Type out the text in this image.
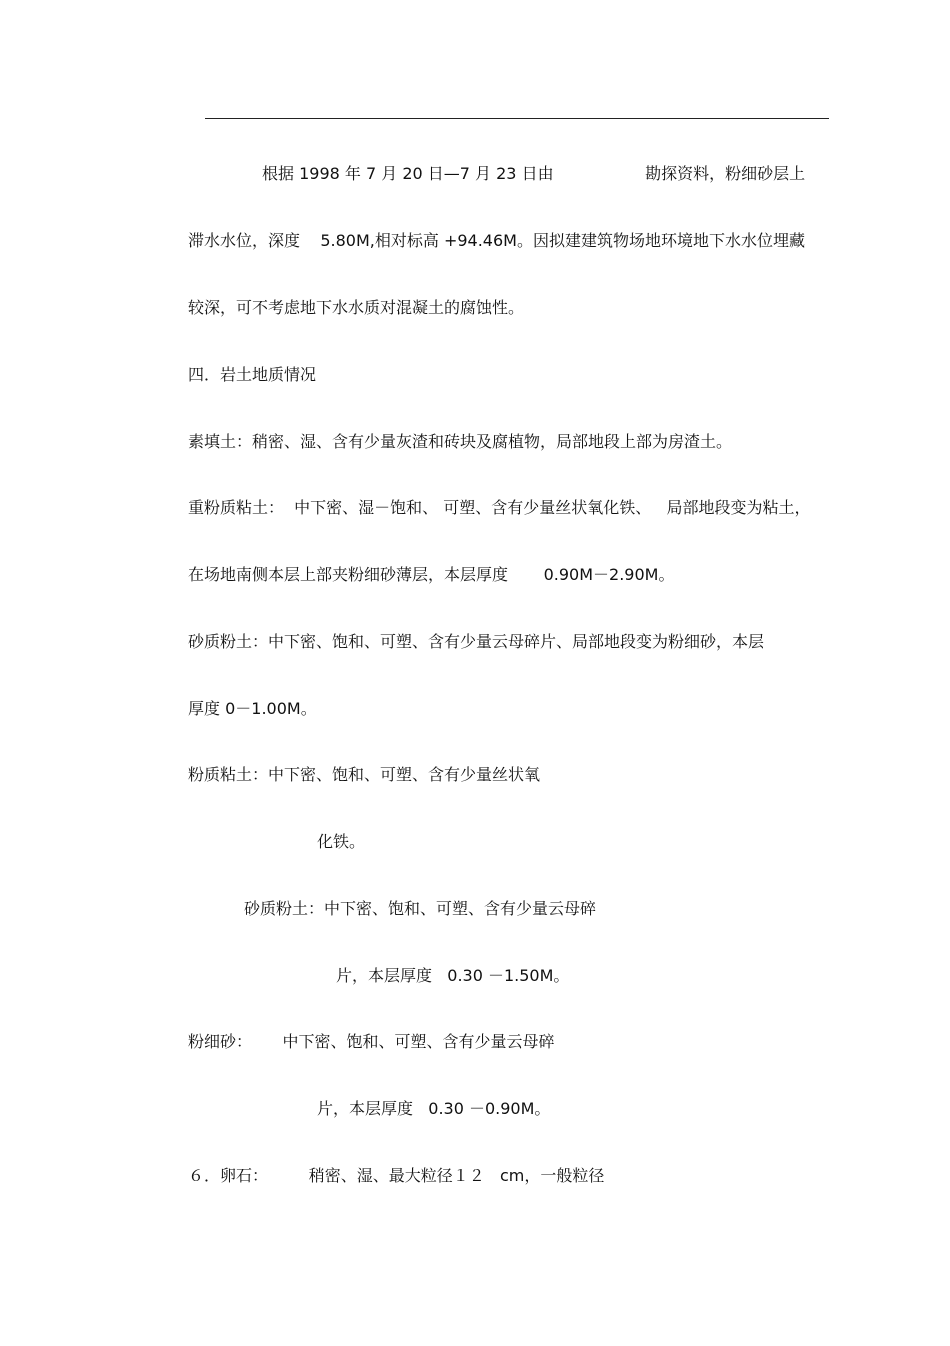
根据 1998 年 7 月 20 日—7 月 23 日由                  勘探资料，粉细砂层上
滞水水位，深度    5.80M,相对标高 +94.46M。因拟建建筑物场地环境地下水水位埋藏
较深，可不考虑地下水水质对混凝土的腐蚀性。
四．岩土地质情况
素填土：稍密、湿、含有少量灰渣和砖块及腐植物，局部地段上部为房渣土。
重粉质粘土：  中下密、湿－饱和、 可塑、含有少量丝状氧化铁、   局部地段变为粘土，
在场地南侧本层上部夹粉细砂薄层，本层厚度       0.90M－2.90M。
砂质粉土：中下密、饱和、可塑、含有少量云母碎片、局部地段变为粉细砂，本层
厚度 0－1.00M。
粉质粘土：中下密、饱和、可塑、含有少量丝状氧
化铁。
砂质粉土：中下密、饱和、可塑、含有少量云母碎
片，本层厚度   0.30 －1.50M。
粉细砂：      中下密、饱和、可塑、含有少量云母碎
片，本层厚度   0.30 －0.90M。
６．卵石：        稍密、湿、最大粒径１２   cm，一般粒径
